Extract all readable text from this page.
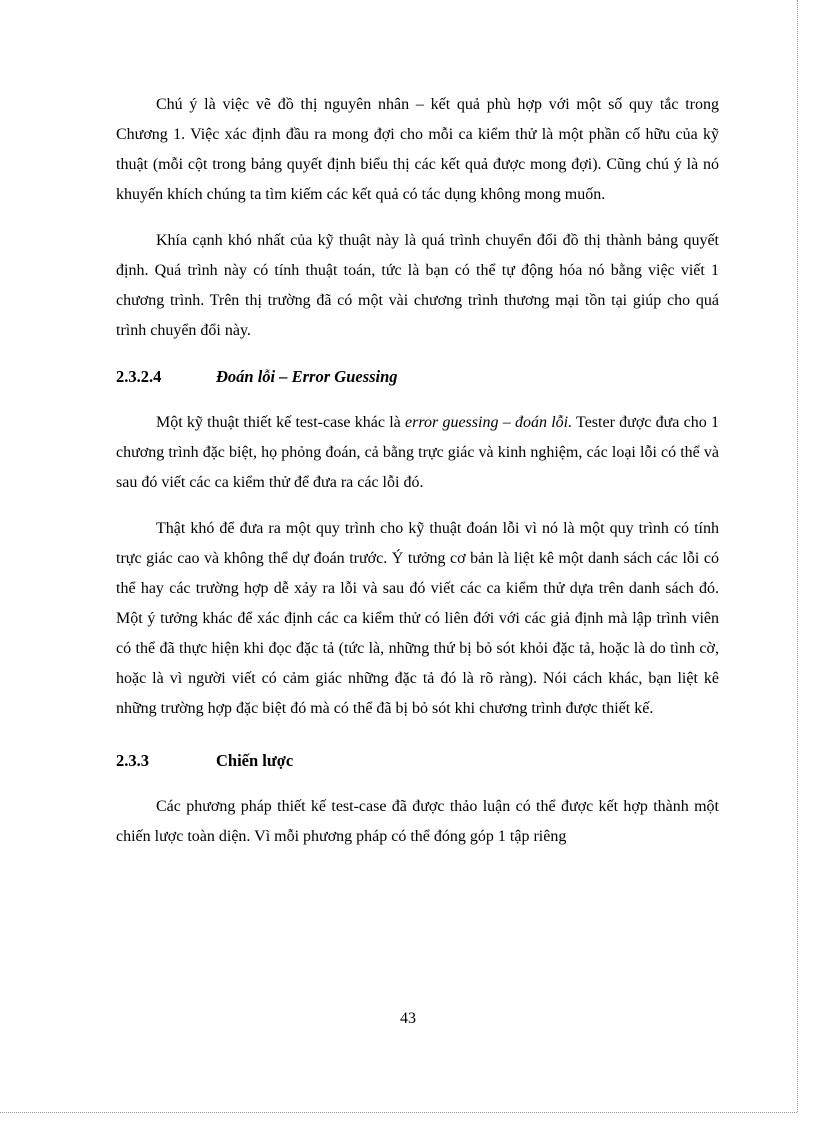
Chú ý là việc vẽ đồ thị nguyên nhân – kết quả phù hợp với một số quy tắc trong Chương 1. Việc xác định đầu ra mong đợi cho mỗi ca kiểm thử là một phần cố hữu của kỹ thuật (mỗi cột trong bảng quyết định biểu thị các kết quả được mong đợi). Cũng chú ý là nó khuyến khích chúng ta tìm kiếm các kết quả có tác dụng không mong muốn.

Khía cạnh khó nhất của kỹ thuật này là quá trình chuyển đổi đồ thị thành bảng quyết định. Quá trình này có tính thuật toán, tức là bạn có thể tự động hóa nó bằng việc viết 1 chương trình. Trên thị trường đã có một vài chương trình thương mại tồn tại giúp cho quá trình chuyển đổi này.

2.3.2.4	Đoán lỗi – Error Guessing

Một kỹ thuật thiết kế test-case khác là error guessing – đoán lỗi. Tester được đưa cho 1 chương trình đặc biệt, họ phỏng đoán, cả bằng trực giác và kinh nghiệm, các loại lỗi có thể và sau đó viết các ca kiểm thử để đưa ra các lỗi đó.

Thật khó để đưa ra một quy trình cho kỹ thuật đoán lỗi vì nó là một quy trình có tính trực giác cao và không thể dự đoán trước. Ý tưởng cơ bản là liệt kê một danh sách các lỗi có thể hay các trường hợp dễ xảy ra lỗi và sau đó viết các ca kiểm thử dựa trên danh sách đó. Một ý tưởng khác để xác định các ca kiểm thử có liên đới với các giả định mà lập trình viên có thể đã thực hiện khi đọc đặc tả (tức là, những thứ bị bỏ sót khỏi đặc tả, hoặc là do tình cờ, hoặc là vì người viết có cảm giác những đặc tả đó là rõ ràng). Nói cách khác, bạn liệt kê những trường hợp đặc biệt đó mà có thể đã bị bỏ sót khi chương trình được thiết kế.

2.3.3	Chiến lược

Các phương pháp thiết kế test-case đã được thảo luận có thể được kết hợp thành một chiến lược toàn diện. Vì mỗi phương pháp có thể đóng góp 1 tập riêng

43
